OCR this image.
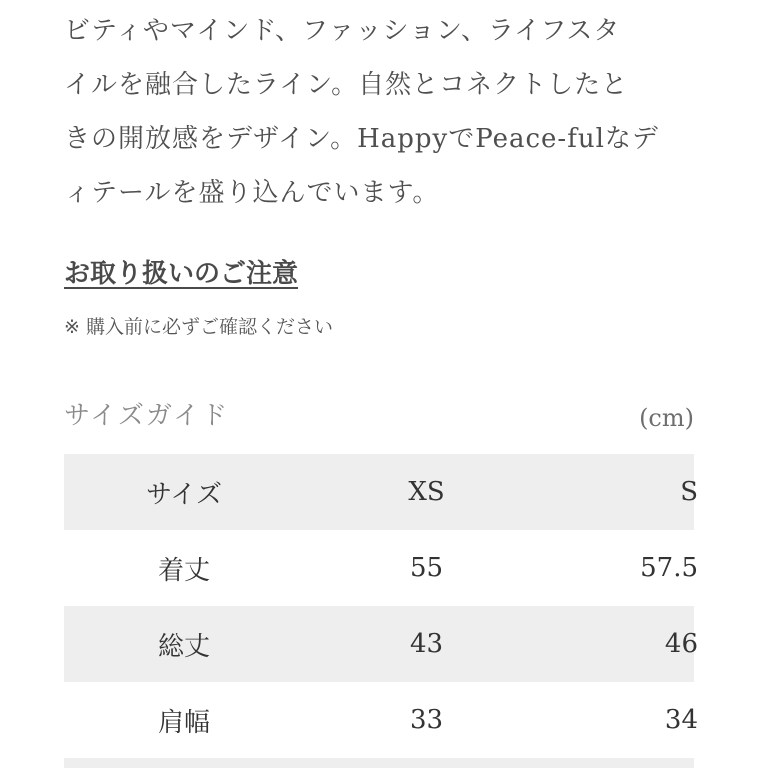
ビティやマインド、ファッション、ライフスタ
イルを融合したライン。自然とコネクトしたと
きの開放感をデザイン。HappyでPeace-fulなデ
ィテールを盛り込んでいます。

お取り扱いのご注意

※ 購入前に必ずご確認ください

サイズガイド	(cm)
サイズ	XS	S
着丈	55	57.5
総丈	43	46
肩幅	33	34
